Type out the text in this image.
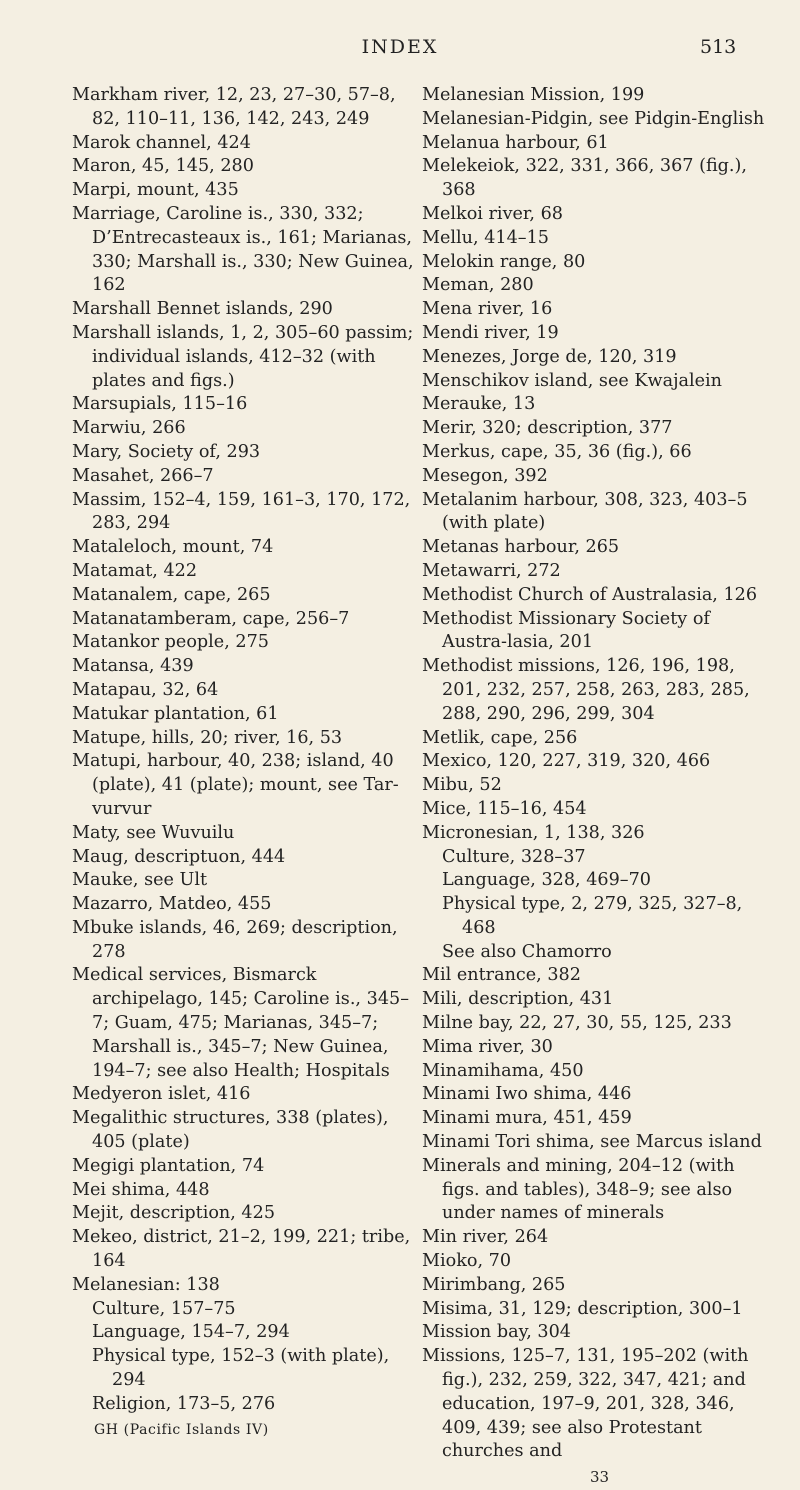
INDEX	513

Markham river, 12, 23, 27–30, 57–8, 82, 110–11, 136, 142, 243, 249

Marok channel, 424

Maron, 45, 145, 280

Marpi, mount, 435

Marriage, Caroline is., 330, 332; D’Entrecasteaux is., 161; Marianas, 330; Marshall is., 330; New Guinea, 162

Marshall Bennet islands, 290

Marshall islands, 1, 2, 305–60 passim; individual islands, 412–32 (with plates and figs.)

Marsupials, 115–16

Marwiu, 266

Mary, Society of, 293

Masahet, 266–7

Massim, 152–4, 159, 161–3, 170, 172, 283, 294

Mataleloch, mount, 74

Matamat, 422

Matanalem, cape, 265

Matanatamberam, cape, 256–7

Matankor people, 275

Matansa, 439

Matapau, 32, 64

Matukar plantation, 61

Matupe, hills, 20; river, 16, 53

Matupi, harbour, 40, 238; island, 40 (plate), 41 (plate); mount, see Tar-vurvur

Maty, see Wuvuilu

Maug, descriptuon, 444

Mauke, see Ult

Mazarro, Matdeo, 455

Mbuke islands, 46, 269; description, 278

Medical services, Bismarck archipelago, 145; Caroline is., 345–7; Guam, 475; Marianas, 345–7; Marshall is., 345–7; New Guinea, 194–7; see also Health; Hospitals

Medyeron islet, 416

Megalithic structures, 338 (plates), 405 (plate)

Megigi plantation, 74

Mei shima, 448

Mejit, description, 425

Mekeo, district, 21–2, 199, 221; tribe, 164

Melanesian: 138

Culture, 157–75

Language, 154–7, 294

Physical type, 152–3 (with plate), 294

Religion, 173–5, 276

GH (Pacific Islands IV)

Melanesian Mission, 199

Melanesian-Pidgin, see Pidgin-English

Melanua harbour, 61

Melekeiok, 322, 331, 366, 367 (fig.), 368

Melkoi river, 68

Mellu, 414–15

Melokin range, 80

Meman, 280

Mena river, 16

Mendi river, 19

Menezes, Jorge de, 120, 319

Menschikov island, see Kwajalein

Merauke, 13

Merir, 320; description, 377

Merkus, cape, 35, 36 (fig.), 66

Mesegon, 392

Metalanim harbour, 308, 323, 403–5 (with plate)

Metanas harbour, 265

Metawarri, 272

Methodist Church of Australasia, 126

Methodist Missionary Society of Austra-lasia, 201

Methodist missions, 126, 196, 198, 201, 232, 257, 258, 263, 283, 285, 288, 290, 296, 299, 304

Metlik, cape, 256

Mexico, 120, 227, 319, 320, 466

Mibu, 52

Mice, 115–16, 454

Micronesian, 1, 138, 326

Culture, 328–37

Language, 328, 469–70

Physical type, 2, 279, 325, 327–8, 468

See also Chamorro

Mil entrance, 382

Mili, description, 431

Milne bay, 22, 27, 30, 55, 125, 233

Mima river, 30

Minamihama, 450

Minami Iwo shima, 446

Minami mura, 451, 459

Minami Tori shima, see Marcus island

Minerals and mining, 204–12 (with figs. and tables), 348–9; see also under names of minerals

Min river, 264

Mioko, 70

Mirimbang, 265

Misima, 31, 129; description, 300–1

Mission bay, 304

Missions, 125–7, 131, 195–202 (with fig.), 232, 259, 322, 347, 421; and education, 197–9, 201, 328, 346, 409, 439; see also Protestant churches and

33
